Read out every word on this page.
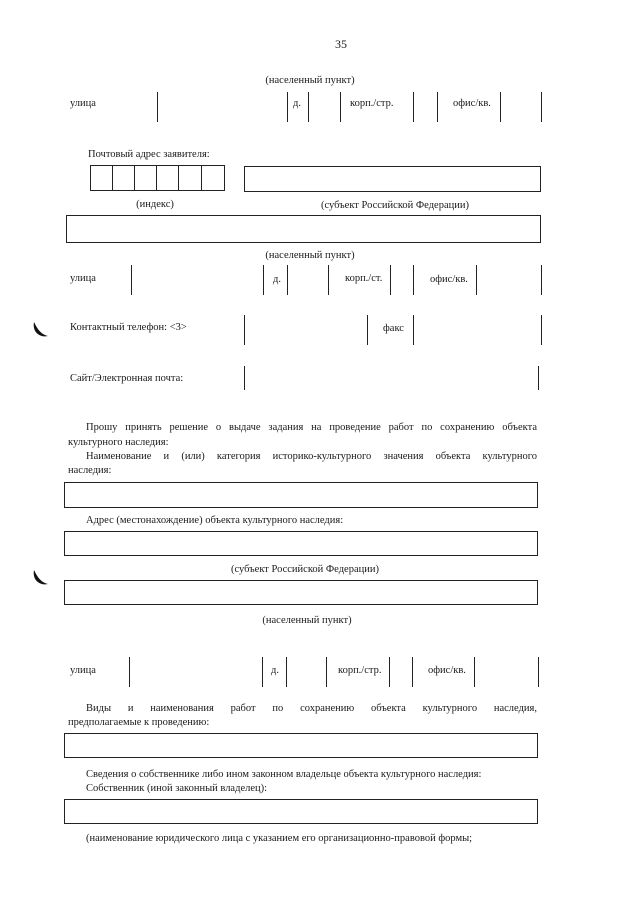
35
(населенный пункт)
улица	д.	корп./стр.	офис/кв.
Почтовый адрес заявителя:
(индекс)	(субъект Российской Федерации)
(населенный пункт)
улица	д.	корп./ст.	офис/кв.
Контактный телефон: <3>	факс
Сайт/Электронная почта:
Прошу принять решение о выдаче задания на проведение работ по сохранению объекта
культурного наследия:
Наименование и (или) категория историко-культурного значения объекта культурного
наследия:
Адрес (местонахождение) объекта культурного наследия:
(субъект Российской Федерации)
(населенный пункт)
улица	д.	корп./стр.	офис/кв.
Виды и наименования работ по сохранению объекта культурного наследия,
предполагаемые к проведению:
Сведения о собственнике либо ином законном владельце объекта культурного наследия:
Собственник (иной законный владелец):
(наименование юридического лица с указанием его организационно-правовой формы;
